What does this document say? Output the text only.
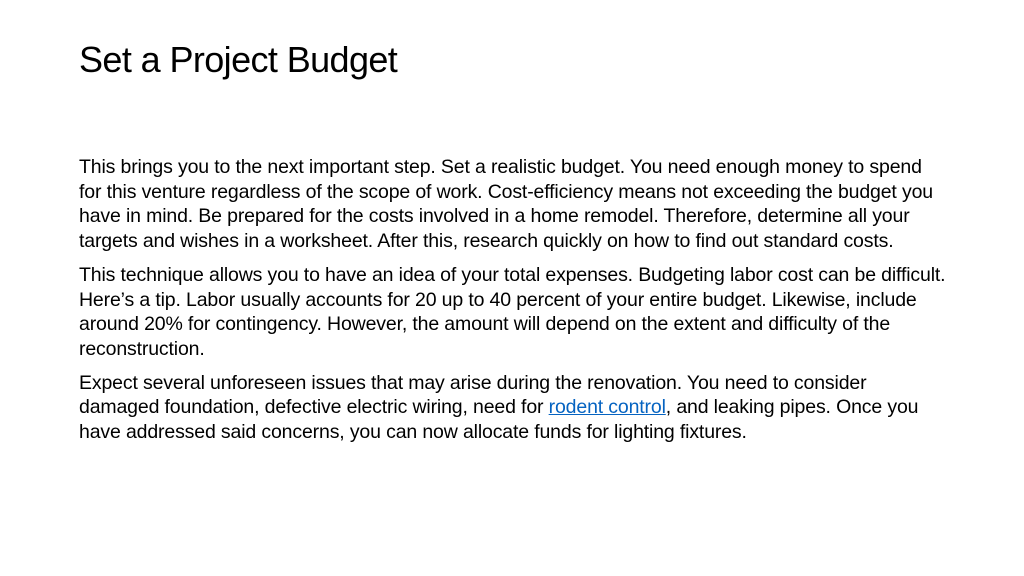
Set a Project Budget

This brings you to the next important step. Set a realistic budget. You need enough money to spend for this venture regardless of the scope of work. Cost-efficiency means not exceeding the budget you have in mind. Be prepared for the costs involved in a home remodel. Therefore, determine all your targets and wishes in a worksheet. After this, research quickly on how to find out standard costs.

This technique allows you to have an idea of your total expenses. Budgeting labor cost can be difficult. Here’s a tip. Labor usually accounts for 20 up to 40 percent of your entire budget. Likewise, include around 20% for contingency. However, the amount will depend on the extent and difficulty of the reconstruction.

Expect several unforeseen issues that may arise during the renovation. You need to consider damaged foundation, defective electric wiring, need for rodent control, and leaking pipes. Once you have addressed said concerns, you can now allocate funds for lighting fixtures.
